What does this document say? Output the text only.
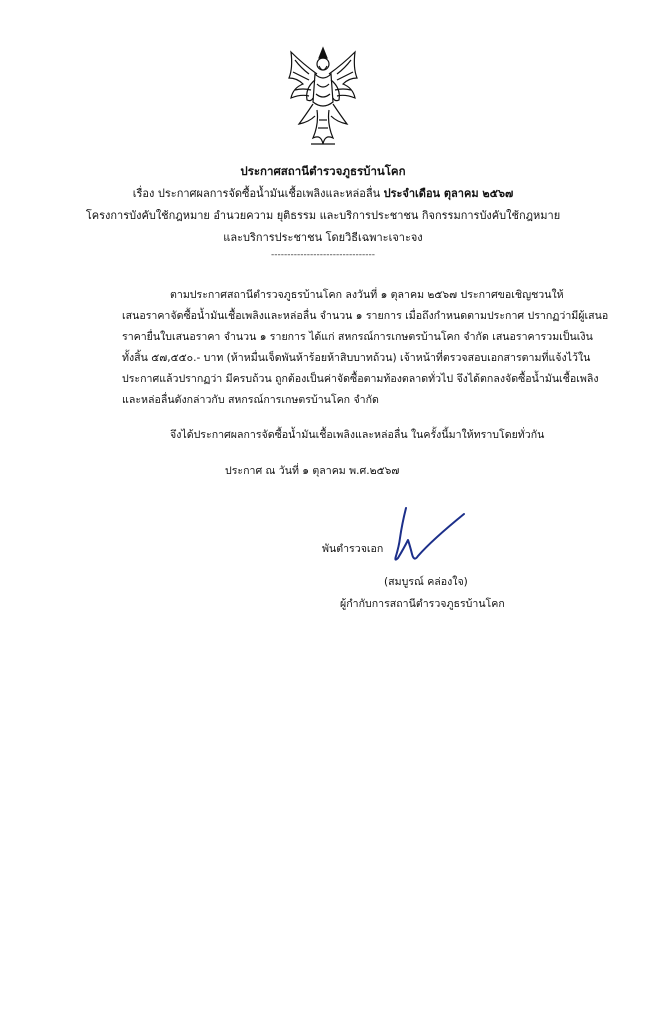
ประกาศสถานีตำรวจภูธรบ้านโคก
เรื่อง ประกาศผลการจัดซื้อน้ำมันเชื้อเพลิงและหล่อลื่น ประจำเดือน ตุลาคม ๒๕๖๗
โครงการบังคับใช้กฎหมาย อำนวยความ ยุติธรรม และบริการประชาชน กิจกรรมการบังคับใช้กฎหมาย
และบริการประชาชน โดยวิธีเฉพาะเจาะจง
--------------------------------
ตามประกาศสถานีตำรวจภูธรบ้านโคก ลงวันที่ ๑ ตุลาคม ๒๕๖๗ ประกาศขอเชิญชวนให้
เสนอราคาจัดซื้อน้ำมันเชื้อเพลิงและหล่อลื่น จำนวน ๑ รายการ เมื่อถึงกำหนดตามประกาศ ปรากฏว่ามีผู้เสนอ
ราคายื่นใบเสนอราคา จำนวน ๑ รายการ ได้แก่ สหกรณ์การเกษตรบ้านโคก จำกัด เสนอราคารวมเป็นเงิน
ทั้งสิ้น ๕๗,๕๕๐.- บาท (ห้าหมื่นเจ็ดพันห้าร้อยห้าสิบบาทถ้วน) เจ้าหน้าที่ตรวจสอบเอกสารตามที่แจ้งไว้ใน
ประกาศแล้วปรากฏว่า มีครบถ้วน ถูกต้องเป็นค่าจัดซื้อตามท้องตลาดทั่วไป จึงได้ตกลงจัดซื้อน้ำมันเชื้อเพลิง
และหล่อลื่นดังกล่าวกับ สหกรณ์การเกษตรบ้านโคก จำกัด
จึงได้ประกาศผลการจัดซื้อน้ำมันเชื้อเพลิงและหล่อลื่น ในครั้งนี้มาให้ทราบโดยทั่วกัน
ประกาศ ณ วันที่ ๑ ตุลาคม พ.ศ.๒๕๖๗
พันตำรวจเอก
(สมบูรณ์ คล่องใจ)
ผู้กำกับการสถานีตำรวจภูธรบ้านโคก
